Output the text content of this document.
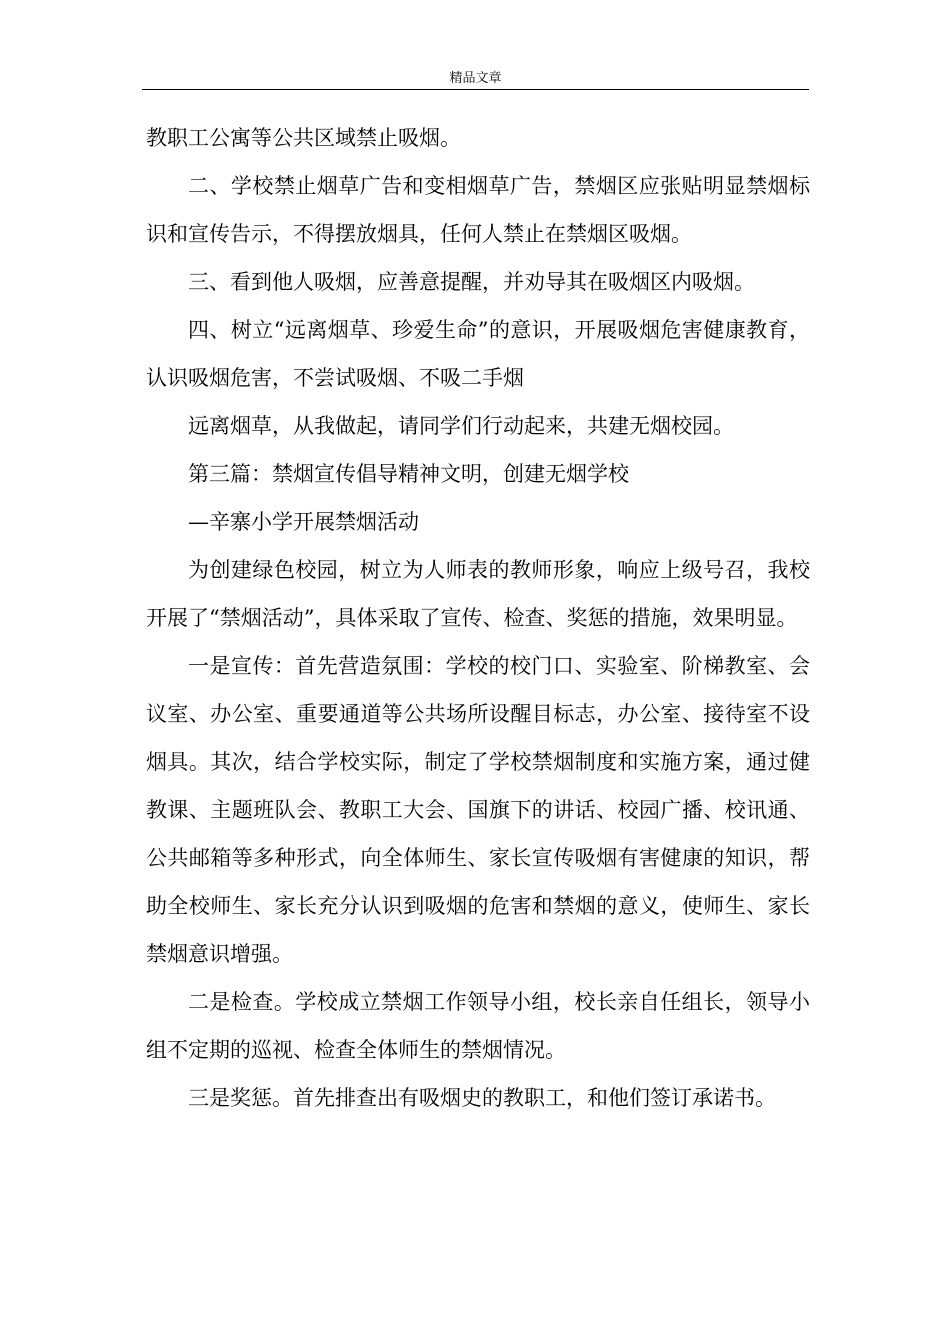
精品文章

教职工公寓等公共区域禁止吸烟。

二、学校禁止烟草广告和变相烟草广告，禁烟区应张贴明显禁烟标识和宣传告示，不得摆放烟具，任何人禁止在禁烟区吸烟。

三、看到他人吸烟，应善意提醒，并劝导其在吸烟区内吸烟。

四、树立“远离烟草、珍爱生命”的意识，开展吸烟危害健康教育，认识吸烟危害，不尝试吸烟、不吸二手烟

远离烟草，从我做起，请同学们行动起来，共建无烟校园。

第三篇：禁烟宣传倡导精神文明，创建无烟学校

—辛寨小学开展禁烟活动

为创建绿色校园，树立为人师表的教师形象，响应上级号召，我校开展了“禁烟活动”，具体采取了宣传、检查、奖惩的措施，效果明显。

一是宣传：首先营造氛围：学校的校门口、实验室、阶梯教室、会议室、办公室、重要通道等公共场所设醒目标志，办公室、接待室不设烟具。其次，结合学校实际，制定了学校禁烟制度和实施方案，通过健教课、主题班队会、教职工大会、国旗下的讲话、校园广播、校讯通、公共邮箱等多种形式，向全体师生、家长宣传吸烟有害健康的知识，帮助全校师生、家长充分认识到吸烟的危害和禁烟的意义，使师生、家长禁烟意识增强。

二是检查。学校成立禁烟工作领导小组，校长亲自任组长，领导小组不定期的巡视、检查全体师生的禁烟情况。

三是奖惩。首先排查出有吸烟史的教职工，和他们签订承诺书。
